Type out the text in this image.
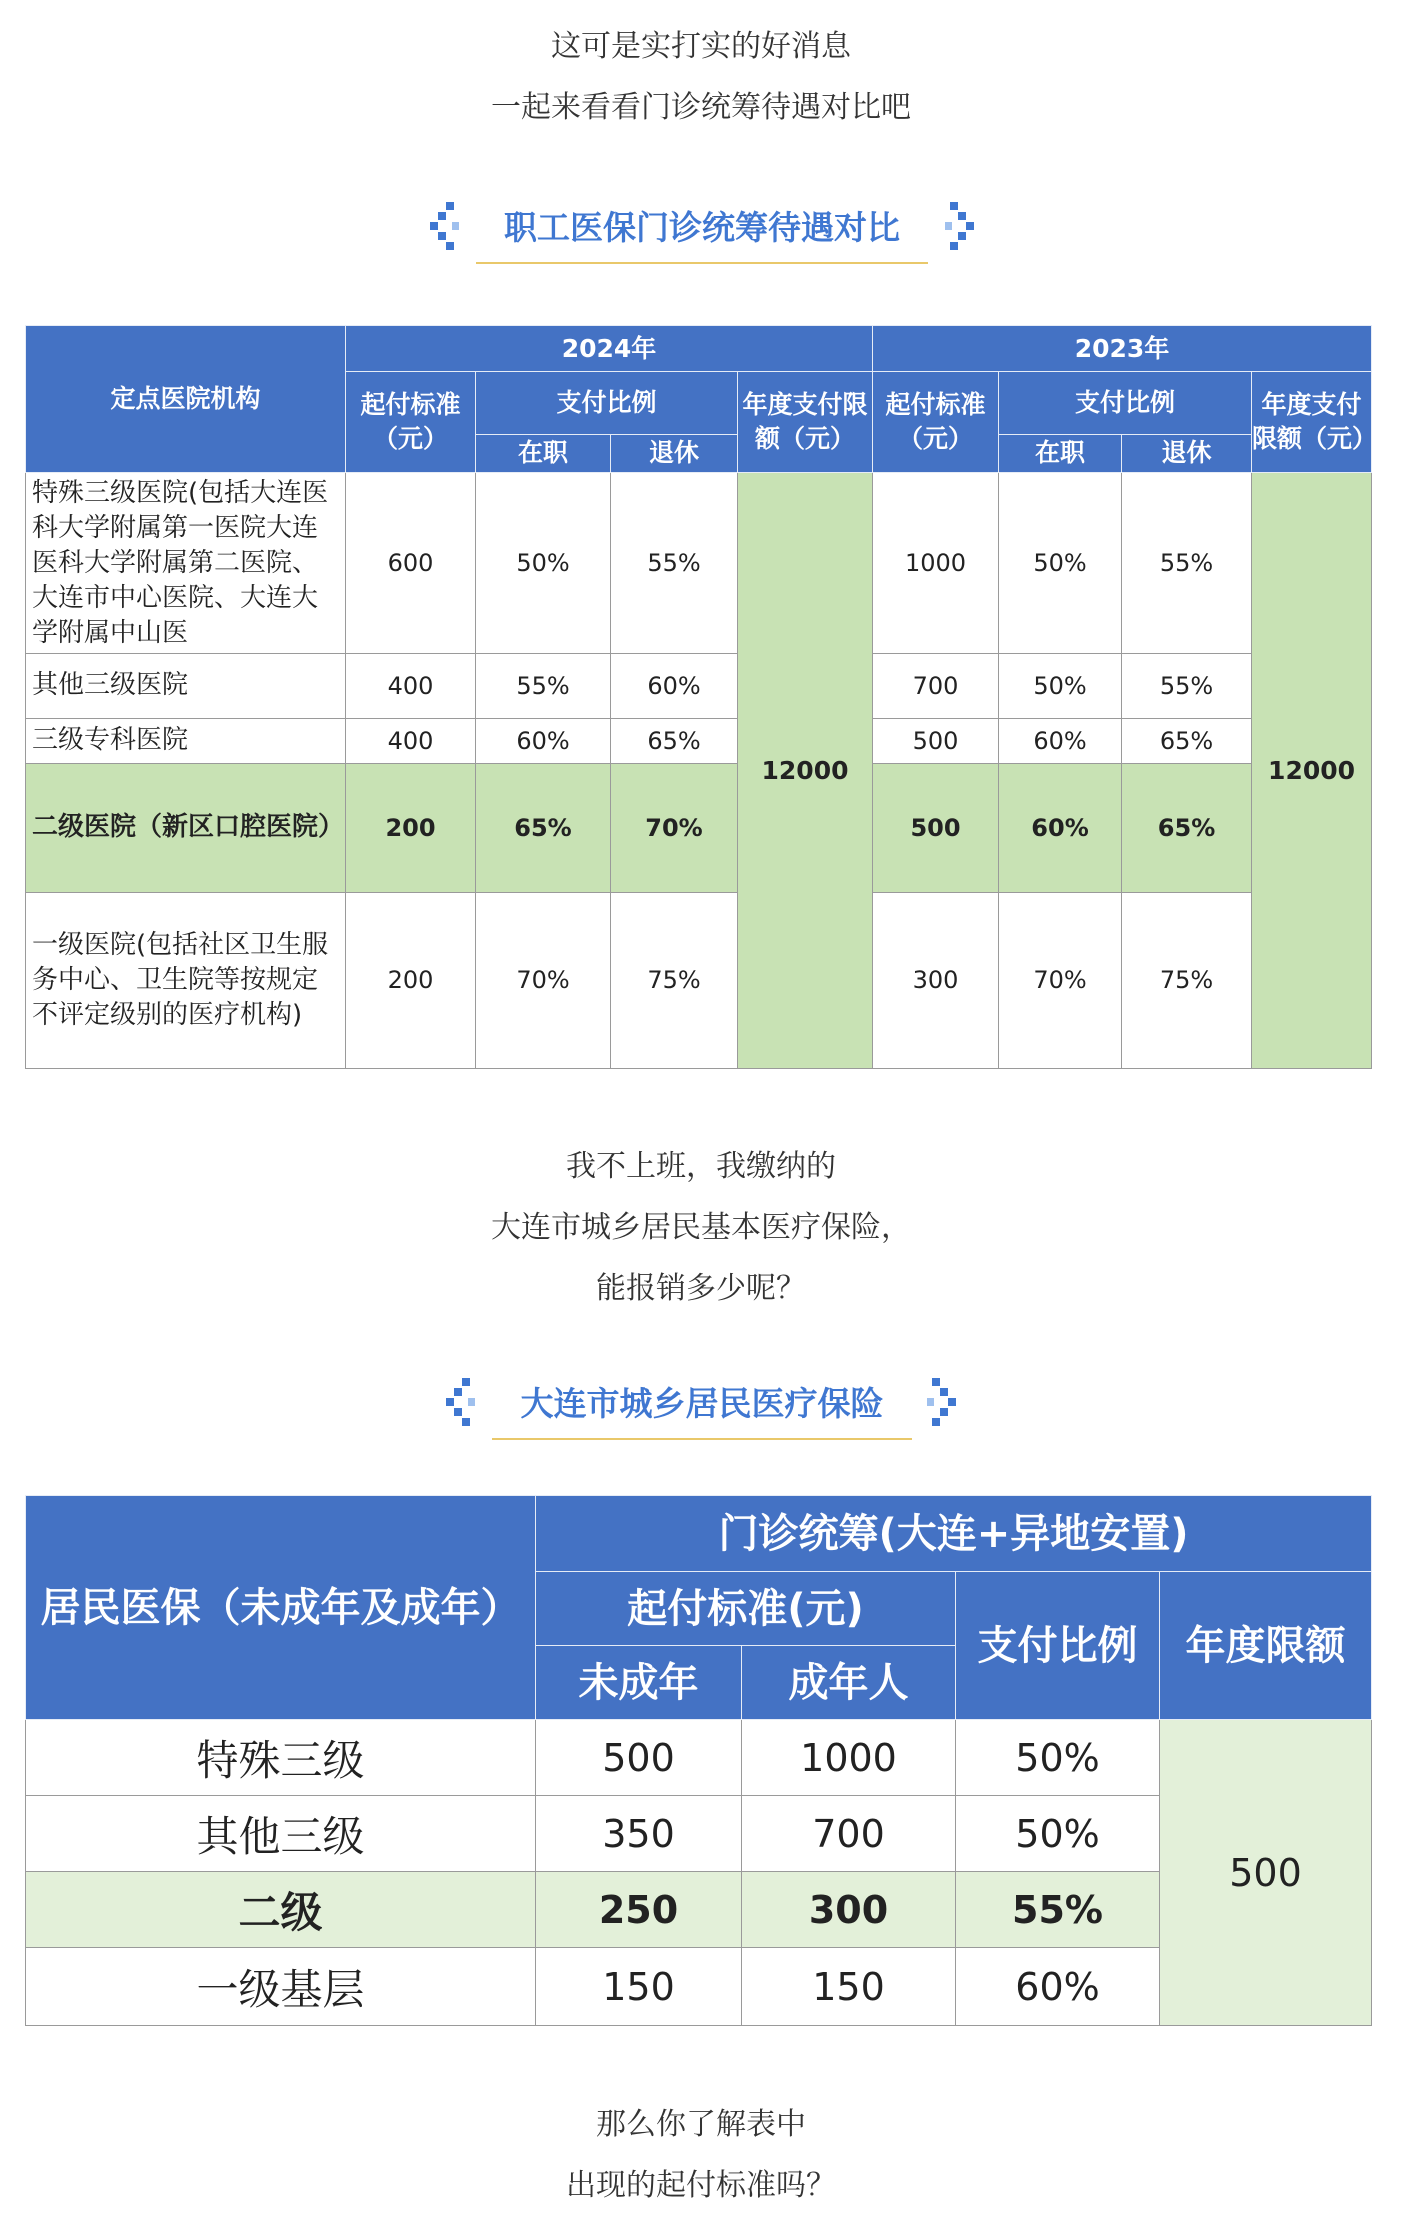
这可是实打实的好消息
一起来看看门诊统筹待遇对比吧
职工医保门诊统筹待遇对比
定点医院机构	2024年				2023年			
	起付标准（元）	支付比例		年度支付限额（元）	起付标准（元）	支付比例		年度支付限额（元）
		在职	退休			在职	退休	
特殊三级医院(包括大连医科大学附属第一医院大连医科大学附属第二医院、大连市中心医院、大连大学附属中山医	600	50%	55%	12000	1000	50%	55%	12000
其他三级医院	400	55%	60%		700	50%	55%	
三级专科医院	400	60%	65%		500	60%	65%	
二级医院（新区口腔医院）	200	65%	70%		500	60%	65%	
一级医院(包括社区卫生服务中心、卫生院等按规定不评定级别的医疗机构)	200	70%	75%		300	70%	75%	
我不上班，我缴纳的
大连市城乡居民基本医疗保险，
能报销多少呢？
大连市城乡居民医疗保险
居民医保（未成年及成年）	门诊统筹(大连+异地安置)			
	起付标准(元)		支付比例	年度限额
	未成年	成年人		
特殊三级	500	1000	50%	500
其他三级	350	700	50%	
二级	250	300	55%	
一级基层	150	150	60%	
那么你了解表中
出现的起付标准吗？
